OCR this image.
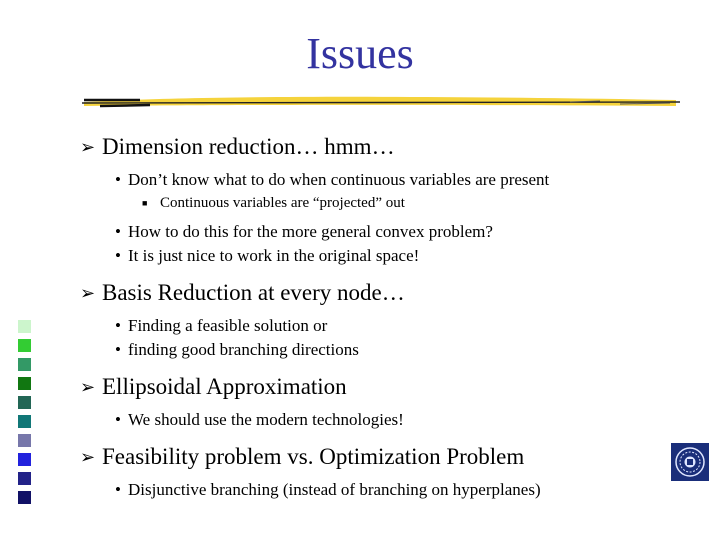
Issues
➢ Dimension reduction… hmm…
• Don’t know what to do when continuous variables are present
■ Continuous variables are “projected” out
• How to do this for the more general convex problem?
• It is just nice to work in the original space!
➢ Basis Reduction at every node…
• Finding a feasible solution or
• finding good branching directions
➢ Ellipsoidal Approximation
• We should use the modern technologies!
➢ Feasibility problem vs. Optimization Problem
• Disjunctive branching (instead of branching on hyperplanes)
